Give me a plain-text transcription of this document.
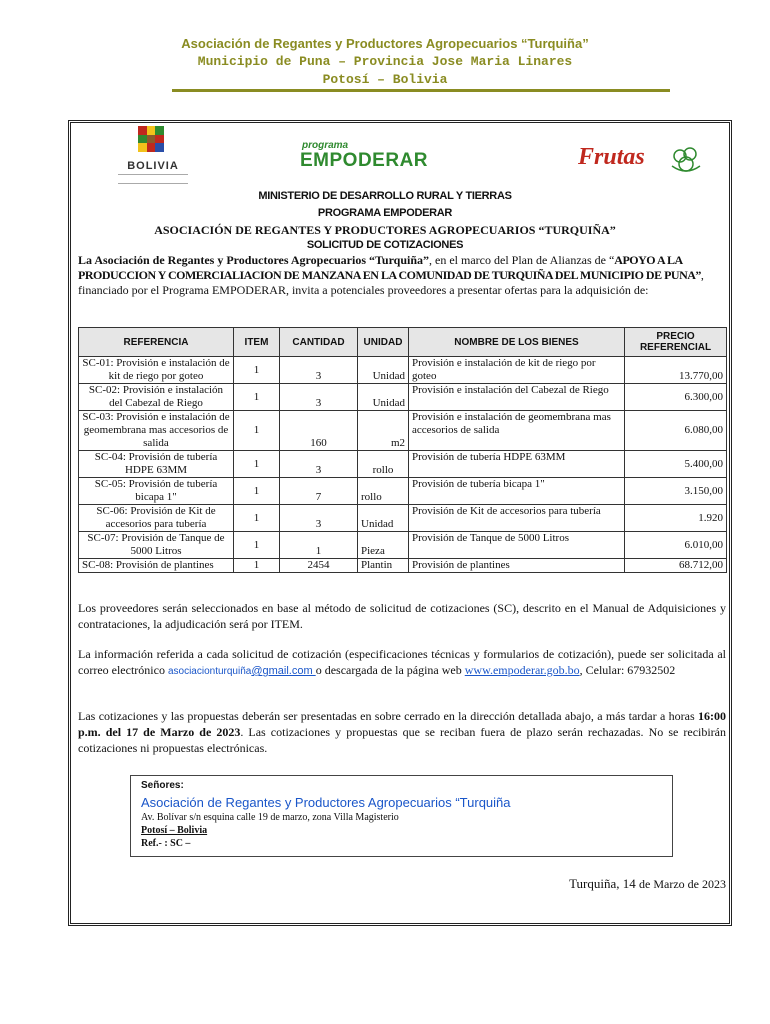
Asociación de Regantes y Productores Agropecuarios “Turquiña”
Municipio de Puna – Provincia Jose Maria Linares
Potosí – Bolivia
BOLIVIA
programa
EMPODERAR	Frutas
MINISTERIO DE DESARROLLO RURAL Y TIERRAS
PROGRAMA EMPODERAR
ASOCIACIÓN DE REGANTES Y PRODUCTORES AGROPECUARIOS “TURQUIÑA”
SOLICITUD DE COTIZACIONES
La Asociación de Regantes y Productores Agropecuarios “Turquiña”, en el marco del Plan de Alianzas de “APOYO A LA PRODUCCION Y COMERCIALIACION DE MANZANA EN LA COMUNIDAD DE TURQUIÑA DEL MUNICIPIO DE PUNA”, financiado por el Programa EMPODERAR, invita a potenciales proveedores a presentar ofertas para la adquisición de:
REFERENCIA	ITEM	CANTIDAD	UNIDAD	NOMBRE DE LOS BIENES	PRECIO REFERENCIAL
SC-01: Provisión e instalación de kit de riego por goteo	1	3	Unidad	Provisión e instalación de kit de riego por goteo	13.770,00
SC-02: Provisión e instalación del Cabezal de Riego	1	3	Unidad	Provisión e instalación del Cabezal de Riego	6.300,00
SC-03: Provisión e instalación de geomembrana mas accesorios de salida	1	160	m2	Provisión e instalación de geomembrana mas accesorios de salida	6.080,00
SC-04: Provisión de tubería HDPE 63MM	1	3	rollo	Provisión de tubería HDPE 63MM	5.400,00
SC-05: Provisión de tubería bicapa 1"	1	7	rollo	Provisión de tubería bicapa 1"	3.150,00
SC-06: Provisión de Kit de accesorios para tubería	1	3	Unidad	Provisión de Kit de accesorios para tubería	1.920
SC-07: Provisión de Tanque de 5000 Litros	1	1	Pieza	Provisión de Tanque de 5000 Litros	6.010,00
SC-08: Provisión de plantines	1	2454	Plantin	Provisión de plantines	68.712,00
Los proveedores serán seleccionados en base al método de solicitud de cotizaciones (SC), descrito en el Manual de Adquisiciones y contrataciones, la adjudicación será por ITEM.
La información referida a cada solicitud de cotización (especificaciones técnicas y formularios de cotización), puede ser solicitada al correo electrónico asociacionturquiña@gmail.com o descargada de la página web www.empoderar.gob.bo, Celular: 67932502
Las cotizaciones y las propuestas deberán ser presentadas en sobre cerrado en la dirección detallada abajo, a más tardar a horas 16:00 p.m. del 17 de Marzo de 2023. Las cotizaciones y propuestas que se reciban fuera de plazo serán rechazadas. No se recibirán cotizaciones ni propuestas electrónicas.
Señores:
Asociación de Regantes y Productores Agropecuarios “Turquiña
Av. Bolívar s/n esquina calle 19 de marzo, zona Villa Magisterio
Potosí – Bolivia
Ref.- : SC –
Turquiña, 14 de Marzo de 2023
